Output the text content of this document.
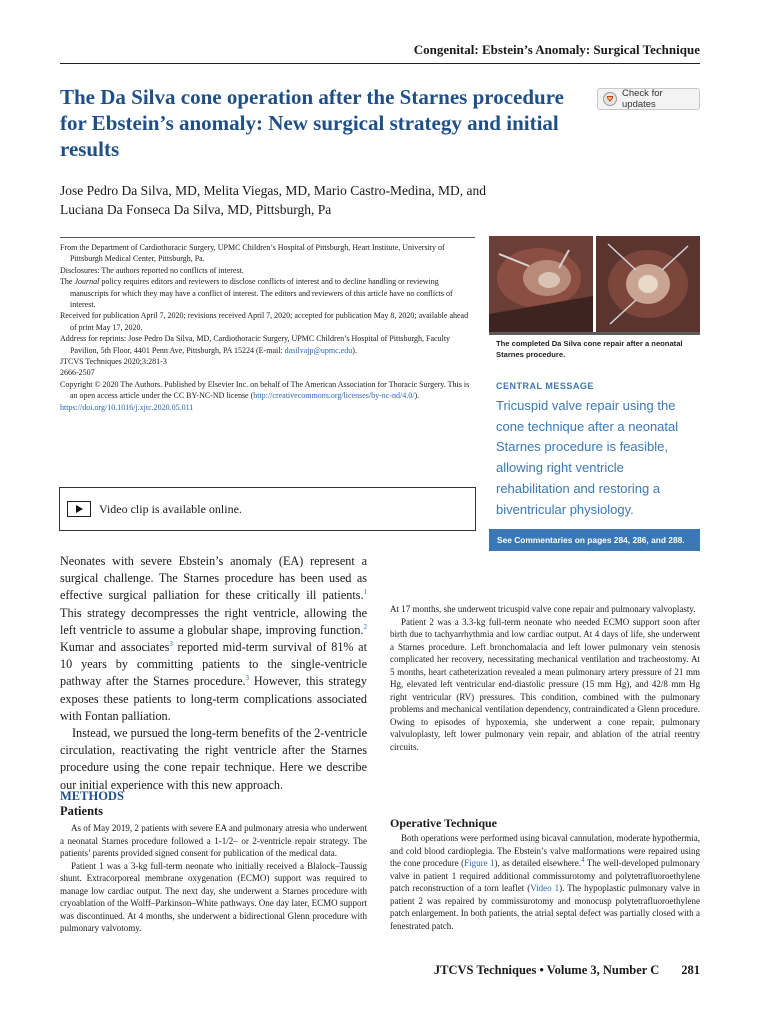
Congenital: Ebstein’s Anomaly: Surgical Technique
The Da Silva cone operation after the Starnes procedure for Ebstein’s anomaly: New surgical strategy and initial results
Check for updates
Jose Pedro Da Silva, MD, Melita Viegas, MD, Mario Castro-Medina, MD, and
Luciana Da Fonseca Da Silva, MD, Pittsburgh, Pa

From the Department of Cardiothoracic Surgery, UPMC Children’s Hospital of Pittsburgh, Heart Institute, University of Pittsburgh Medical Center, Pittsburgh, Pa.

Disclosures: The authors reported no conflicts of interest.

The Journal policy requires editors and reviewers to disclose conflicts of interest and to decline handling or reviewing manuscripts for which they may have a conflict of interest. The editors and reviewers of this article have no conflicts of interest.

Received for publication April 7, 2020; revisions received April 7, 2020; accepted for publication May 8, 2020; available ahead of print May 17, 2020.

Address for reprints: Jose Pedro Da Silva, MD, Cardiothoracic Surgery, UPMC Children’s Hospital of Pittsburgh, Faculty Pavilion, 5th Floor, 4401 Penn Ave, Pittsburgh, PA 15224 (E-mail: dasilvajp@upmc.edu).

JTCVS Techniques 2020;3:281-3

2666-2507

Copyright © 2020 The Authors. Published by Elsevier Inc. on behalf of The American Association for Thoracic Surgery. This is an open access article under the CC BY-NC-ND license (http://creativecommons.org/licenses/by-nc-nd/4.0/).

https://doi.org/10.1016/j.xjtc.2020.05.011

Video clip is available online.
The completed Da Silva cone repair after a neonatal Starnes procedure.
CENTRAL MESSAGE

Tricuspid valve repair using the cone technique after a neonatal Starnes procedure is feasible, allowing right ventricle rehabilitation and restoring a biventricular physiology.

See Commentaries on pages 284, 286, and 288.

Neonates with severe Ebstein’s anomaly (EA) represent a surgical challenge. The Starnes procedure has been used as effective surgical palliation for these critically ill patients.$^1$ This strategy decompresses the right ventricle, allowing the left ventricle to assume a globular shape, improving function.$^2$ Kumar and associates$^3$ reported mid-term survival of 81% at 10 years by committing patients to the single-ventricle pathway after the Starnes procedure.$^3$ However, this strategy exposes these patients to long-term complications associated with Fontan palliation.

Instead, we pursued the long-term benefits of the 2-ventricle circulation, reactivating the right ventricle after the Starnes procedure using the cone repair technique. Here we describe our initial experience with this new approach.

METHODS
Patients

As of May 2019, 2 patients with severe EA and pulmonary atresia who underwent a neonatal Starnes procedure followed a 1-1/2– or 2-ventricle repair strategy. The patients’ parents provided signed consent for publication of the medical data.

Patient 1 was a 3-kg full-term neonate who initially received a Blalock–Taussig shunt. Extracorporeal membrane oxygenation (ECMO) support was required to manage low cardiac output. The next day, she underwent a Starnes procedure with cryoablation of the Wolff–Parkinson–White pathways. One day later, ECMO support was discontinued. At 4 months, she underwent a bidirectional Glenn procedure with pulmonary valvotomy.

At 17 months, she underwent tricuspid valve cone repair and pulmonary valvoplasty.

Patient 2 was a 3.3-kg full-term neonate who needed ECMO support soon after birth due to tachyarrhythmia and low cardiac output. At 4 days of life, she underwent a Starnes procedure. Left bronchomalacia and left lower pulmonary vein stenosis complicated her recovery, necessitating mechanical ventilation and tracheostomy. At 5 months, heart catheterization revealed a mean pulmonary artery pressure of 21 mm Hg, elevated left ventricular end-diastolic pressure (15 mm Hg), and 42/8 mm Hg right ventricular (RV) pressures. This condition, combined with the pulmonary problems and mechanical ventilation dependency, contraindicated a Glenn procedure. Owing to episodes of hypoxemia, she underwent a cone repair, pulmonary valvuloplasty, left lower pulmonary vein repair, and ablation of the atrial reentry circuits.

Operative Technique

Both operations were performed using bicaval cannulation, moderate hypothermia, and cold blood cardioplegia. The Ebstein’s valve malformations were repaired using the cone procedure (Figure 1), as detailed elsewhere.$^4$ The well-developed pulmonary valve in patient 1 required additional commissurotomy and polytetrafluoroethylene patch reconstruction of a torn leaflet (Video 1). The hypoplastic pulmonary valve in patient 2 was repaired by commissurotomy and monocusp polytetrafluoroethylene patch enlargement. In both patients, the atrial septal defect was partially closed with a fenestrated patch.

JTCVS Techniques • Volume 3, Number C 281
